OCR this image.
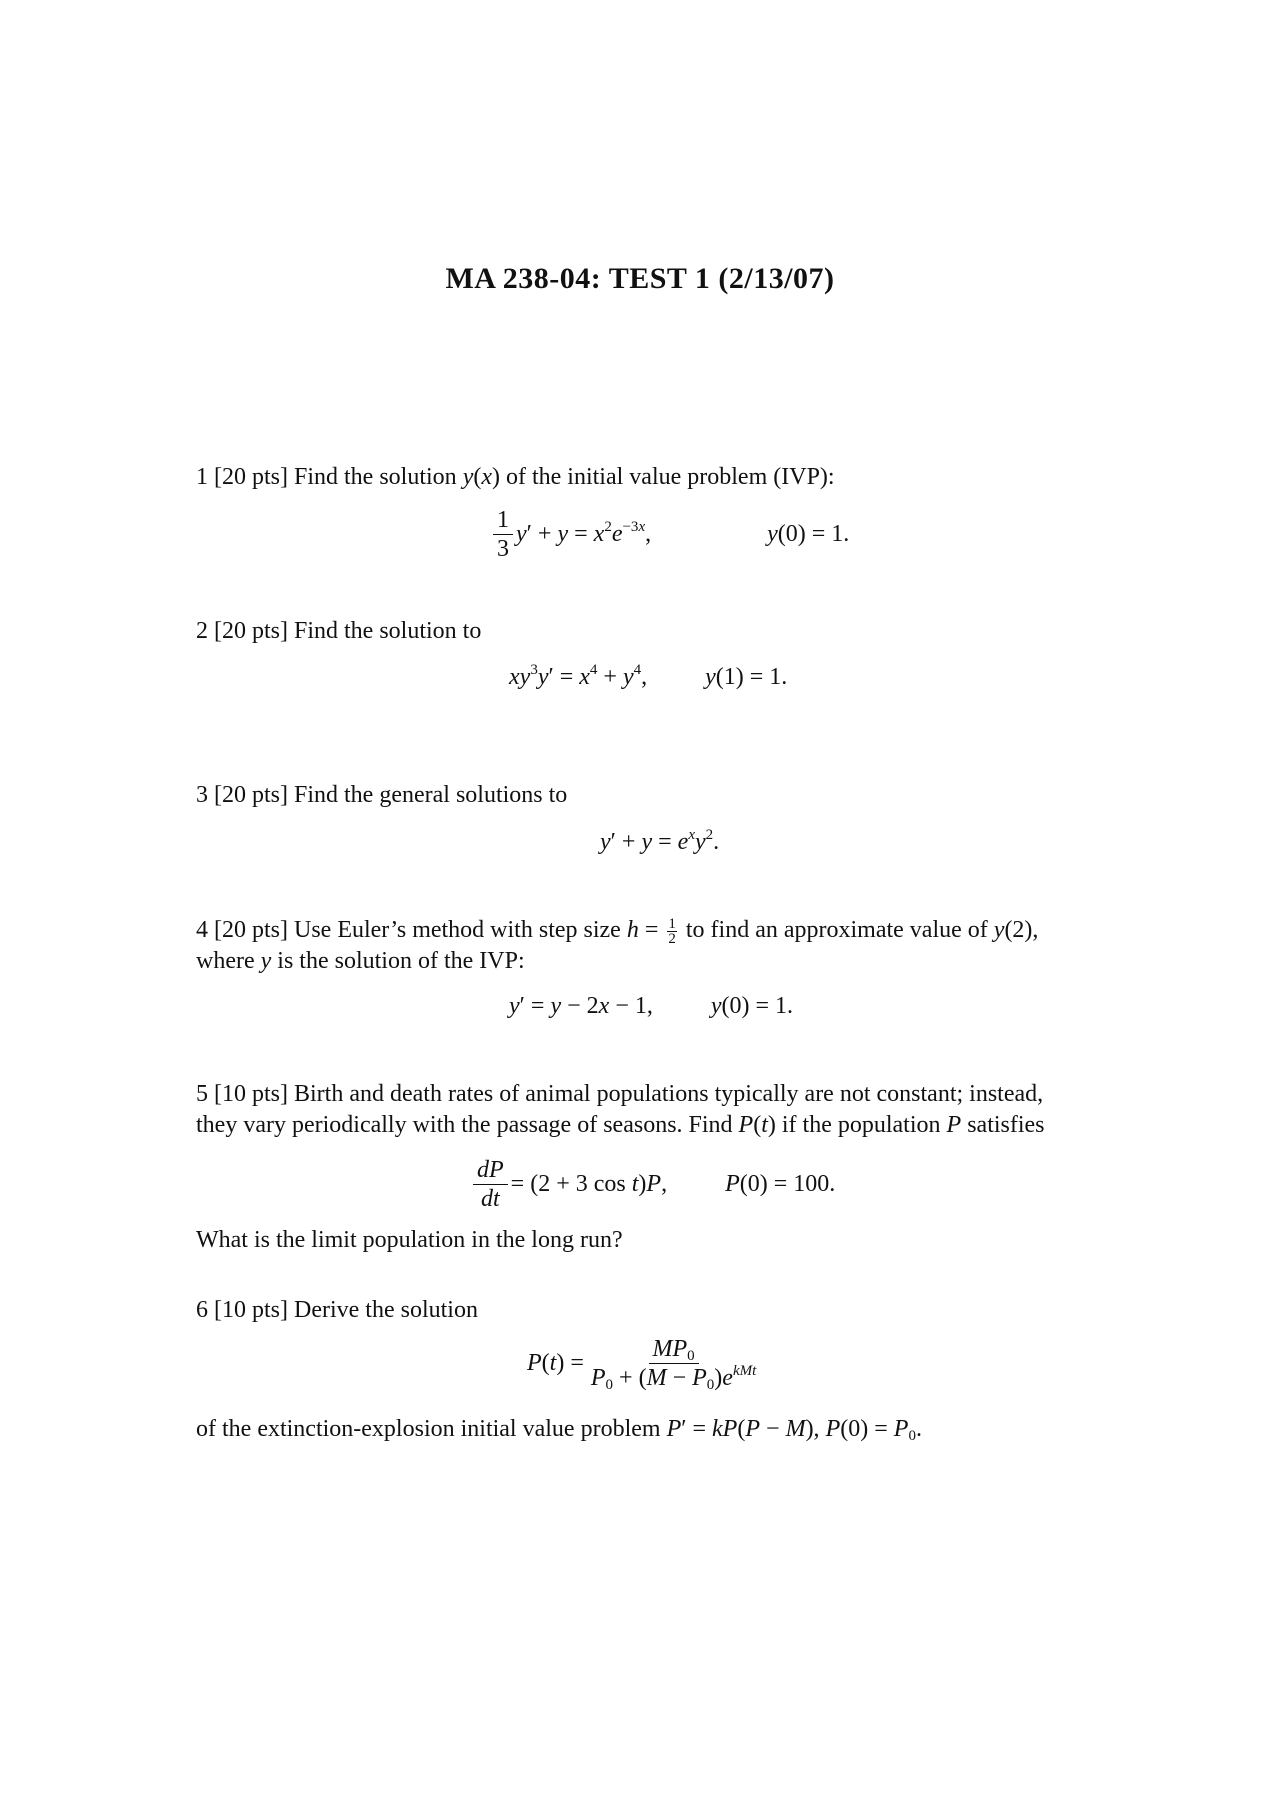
MA 238-04: TEST 1 (2/13/07)
1 [20 pts] Find the solution y(x) of the initial value problem (IVP):
$\frac{1}{3} y' + y = x^2e^{-3x}$,	y(0) = 1.
2 [20 pts] Find the solution to
$xy^3y' = x^4 + y^4$, y(1) = 1.
3 [20 pts] Find the general solutions to
$y' + y = e^xy^2$.
4 [20 pts] Use Euler’s method with step size $h = \frac{1}{2}$ to find an approximate value of y(2),
where y is the solution of the IVP:
y′ = y − 2x − 1, y(0) = 1.
5 [10 pts] Birth and death rates of animal populations typically are not constant; instead,
they vary periodically with the passage of seasons. Find P(t) if the population P satisfies
$\frac{dP}{dt} = (2 + 3$ cos t)P, P(0) = 100.
What is the limit population in the long run?
6 [10 pts] Derive the solution
$P(t) = \frac{MP_0}{P_0 + (M - P_0)e^{kMt}}$
of the extinction-explosion initial value problem P′ = kP(P − M), $P(0) = P_0$.
